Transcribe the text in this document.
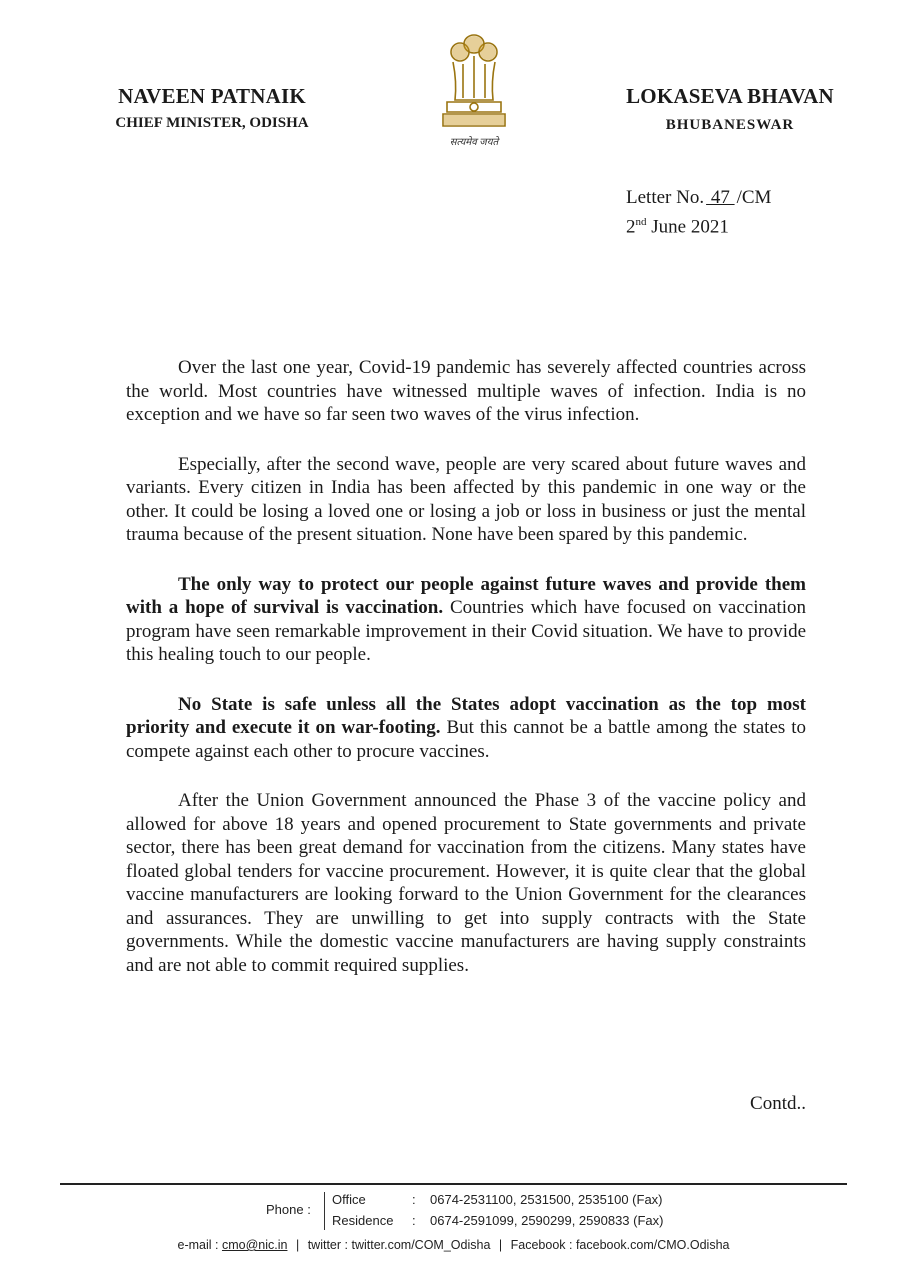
NAVEEN PATNAIK
CHIEF MINISTER, ODISHA
सत्यमेव जयते
LOKASEVA BHAVAN
BHUBANESWAR
Letter No. 47 /CM
2nd June 2021

Over the last one year, Covid-19 pandemic has severely affected countries across the world. Most countries have witnessed multiple waves of infection. India is no exception and we have so far seen two waves of the virus infection.

Especially, after the second wave, people are very scared about future waves and variants. Every citizen in India has been affected by this pandemic in one way or the other. It could be losing a loved one or losing a job or loss in business or just the mental trauma because of the present situation. None have been spared by this pandemic.

The only way to protect our people against future waves and provide them with a hope of survival is vaccination. Countries which have focused on vaccination program have seen remarkable improvement in their Covid situation. We have to provide this healing touch to our people.

No State is safe unless all the States adopt vaccination as the top most priority and execute it on war-footing. But this cannot be a battle among the states to compete against each other to procure vaccines.

After the Union Government announced the Phase 3 of the vaccine policy and allowed for above 18 years and opened procurement to State governments and private sector, there has been great demand for vaccination from the citizens. Many states have floated global tenders for vaccine procurement. However, it is quite clear that the global vaccine manufacturers are looking forward to the Union Government for the clearances and assurances. They are unwilling to get into supply contracts with the State governments. While the domestic vaccine manufacturers are having supply constraints and are not able to commit required supplies.

Contd..
Phone :
Office	: 0674-2531100, 2531500, 2535100 (Fax)
Residence : 0674-2591099, 2590299, 2590833 (Fax)
e-mail : cmo@nic.in | twitter : twitter.com/COM_Odisha | Facebook : facebook.com/CMO.Odisha
